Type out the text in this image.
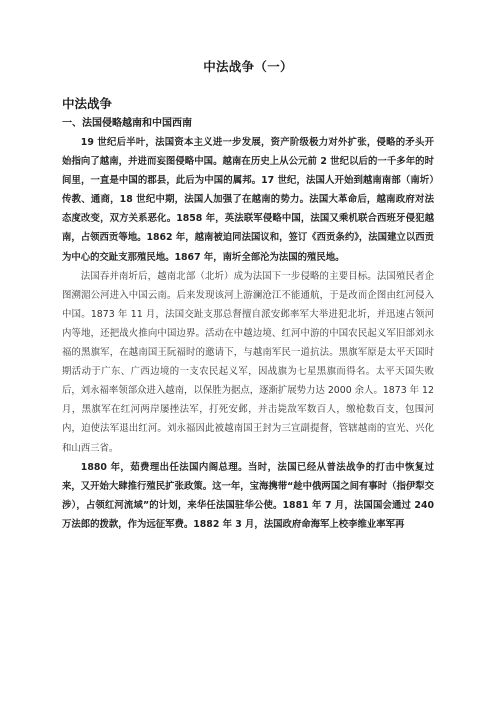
中法战争（一）
中法战争
一、法国侵略越南和中国西南

19 世纪后半叶，法国资本主义进一步发展，资产阶级极力对外扩张，侵略的矛头开始指向了越南，并进而妄图侵略中国。越南在历史上从公元前 2 世纪以后的一千多年的时间里，一直是中国的郡县，此后为中国的属邦。17 世纪，法国人开始到越南南部（南圻）传教、通商，18 世纪中期，法国人加强了在越南的势力。法国大革命后，越南政府对法态度改变，双方关系恶化。1858 年，英法联军侵略中国，法国又乘机联合西班牙侵犯越南，占领西贡等地。1862 年，越南被迫同法国议和，签订《西贡条约》，法国建立以西贡为中心的交趾支那殖民地。1867 年，南圻全部沦为法国的殖民地。

法国吞并南圻后，越南北部（北圻）成为法国下一步侵略的主要目标。法国殖民者企图溯湄公河进入中国云南。后来发现该河上游澜沧江不能通航，于是改而企图由红河侵入中国。1873 年 11 月，法国交趾支那总督擅自派安邺率军大举进犯北圻，并迅速占领河内等地，还把战火推向中国边界。活动在中越边境、红河中游的中国农民起义军旧部刘永福的黑旗军，在越南国王阮福时的邀请下，与越南军民一道抗法。黑旗军原是太平天国时期活动于广东、广西边境的一支农民起义军，因战旗为七星黑旗而得名。太平天国失败后，刘永福率领部众进入越南，以保胜为据点，逐渐扩展势力达 2000 余人。1873 年 12 月，黑旗军在红河两岸屡挫法军，打死安邺，并击毙敌军数百人，缴枪数百支，包围河内，迫使法军退出红河。刘永福因此被越南国王封为三宣副提督，管辖越南的宣光、兴化和山西三省。

1880 年，茹费理出任法国内阁总理。当时，法国已经从普法战争的打击中恢复过来，又开始大肆推行殖民扩张政策。这一年，宝海携带“趁中俄两国之间有事时（指伊犁交涉），占领红河流域”的计划，来华任法国驻华公使。1881 年 7 月，法国国会通过 240 万法郎的拨款，作为远征军费。1882 年 3 月，法国政府命海军上校李维业率军再
